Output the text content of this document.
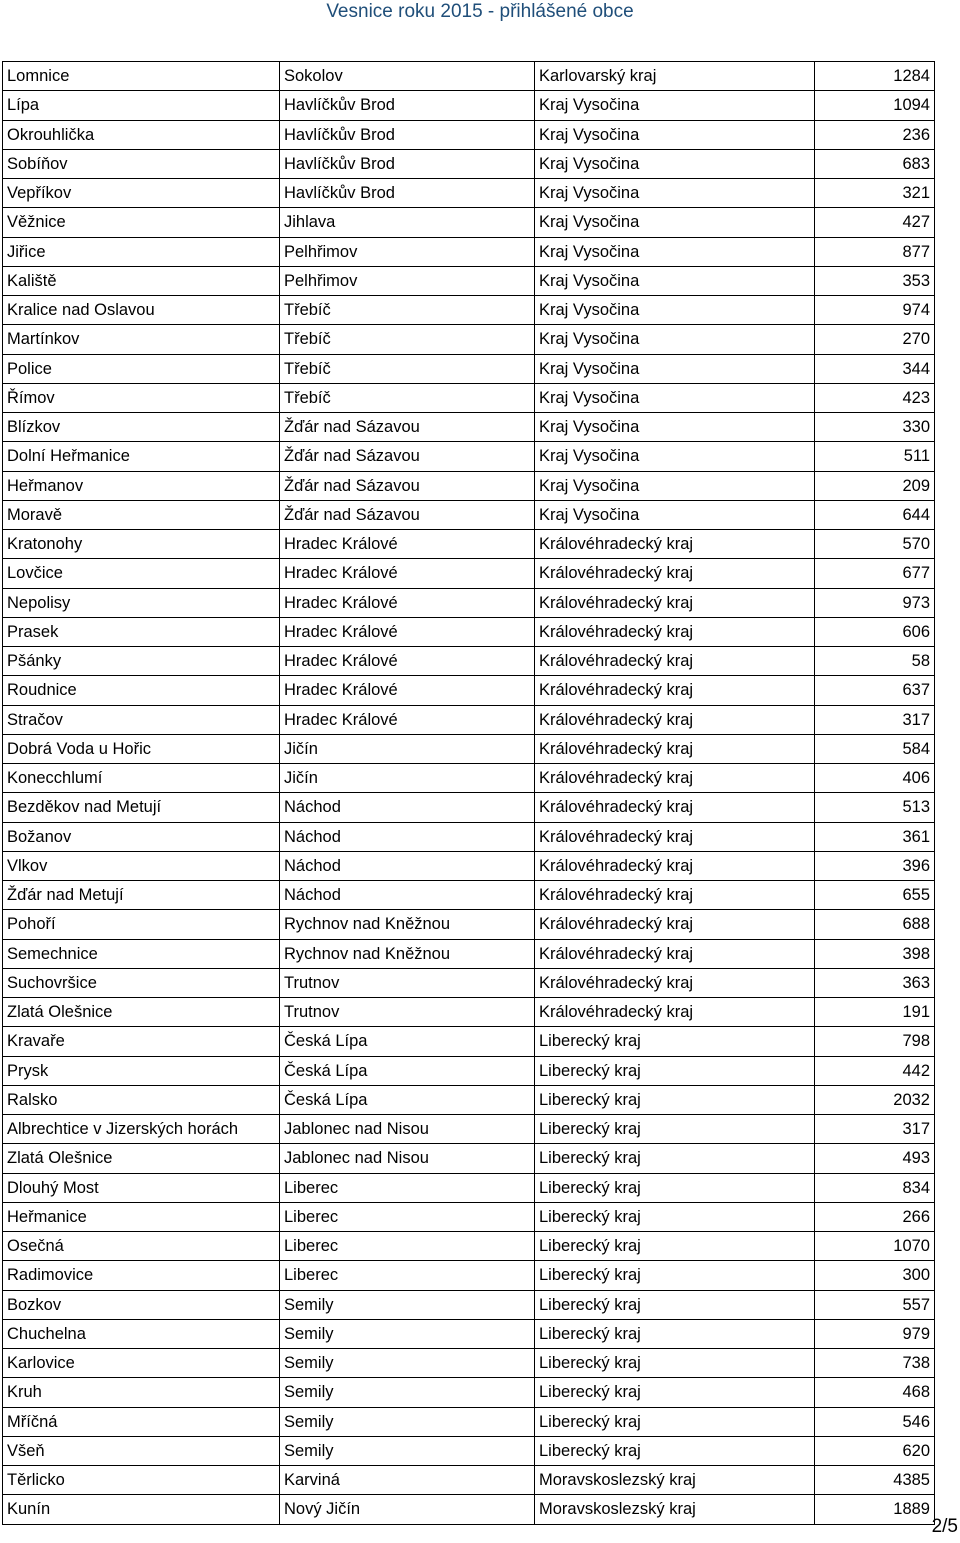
Vesnice roku 2015 - přihlášené obce
Lomnice	Sokolov	Karlovarský kraj	1284
Lípa	Havlíčkův Brod	Kraj Vysočina	1094
Okrouhlička	Havlíčkův Brod	Kraj Vysočina	236
Sobíňov	Havlíčkův Brod	Kraj Vysočina	683
Vepříkov	Havlíčkův Brod	Kraj Vysočina	321
Věžnice	Jihlava	Kraj Vysočina	427
Jiřice	Pelhřimov	Kraj Vysočina	877
Kaliště	Pelhřimov	Kraj Vysočina	353
Kralice nad Oslavou	Třebíč	Kraj Vysočina	974
Martínkov	Třebíč	Kraj Vysočina	270
Police	Třebíč	Kraj Vysočina	344
Římov	Třebíč	Kraj Vysočina	423
Blízkov	Žďár nad Sázavou	Kraj Vysočina	330
Dolní Heřmanice	Žďár nad Sázavou	Kraj Vysočina	511
Heřmanov	Žďár nad Sázavou	Kraj Vysočina	209
Moravě	Žďár nad Sázavou	Kraj Vysočina	644
Kratonohy	Hradec Králové	Královéhradecký kraj	570
Lovčice	Hradec Králové	Královéhradecký kraj	677
Nepolisy	Hradec Králové	Královéhradecký kraj	973
Prasek	Hradec Králové	Královéhradecký kraj	606
Pšánky	Hradec Králové	Královéhradecký kraj	58
Roudnice	Hradec Králové	Královéhradecký kraj	637
Stračov	Hradec Králové	Královéhradecký kraj	317
Dobrá Voda u Hořic	Jičín	Královéhradecký kraj	584
Konecchlumí	Jičín	Královéhradecký kraj	406
Bezděkov nad Metují	Náchod	Královéhradecký kraj	513
Božanov	Náchod	Královéhradecký kraj	361
Vlkov	Náchod	Královéhradecký kraj	396
Žďár nad Metují	Náchod	Královéhradecký kraj	655
Pohoří	Rychnov nad Kněžnou	Královéhradecký kraj	688
Semechnice	Rychnov nad Kněžnou	Královéhradecký kraj	398
Suchovršice	Trutnov	Královéhradecký kraj	363
Zlatá Olešnice	Trutnov	Královéhradecký kraj	191
Kravaře	Česká Lípa	Liberecký kraj	798
Prysk	Česká Lípa	Liberecký kraj	442
Ralsko	Česká Lípa	Liberecký kraj	2032
Albrechtice v Jizerských horách	Jablonec nad Nisou	Liberecký kraj	317
Zlatá Olešnice	Jablonec nad Nisou	Liberecký kraj	493
Dlouhý Most	Liberec	Liberecký kraj	834
Heřmanice	Liberec	Liberecký kraj	266
Osečná	Liberec	Liberecký kraj	1070
Radimovice	Liberec	Liberecký kraj	300
Bozkov	Semily	Liberecký kraj	557
Chuchelna	Semily	Liberecký kraj	979
Karlovice	Semily	Liberecký kraj	738
Kruh	Semily	Liberecký kraj	468
Mříčná	Semily	Liberecký kraj	546
Všeň	Semily	Liberecký kraj	620
Těrlicko	Karviná	Moravskoslezský kraj	4385
Kunín	Nový Jičín	Moravskoslezský kraj	1889
2/5
